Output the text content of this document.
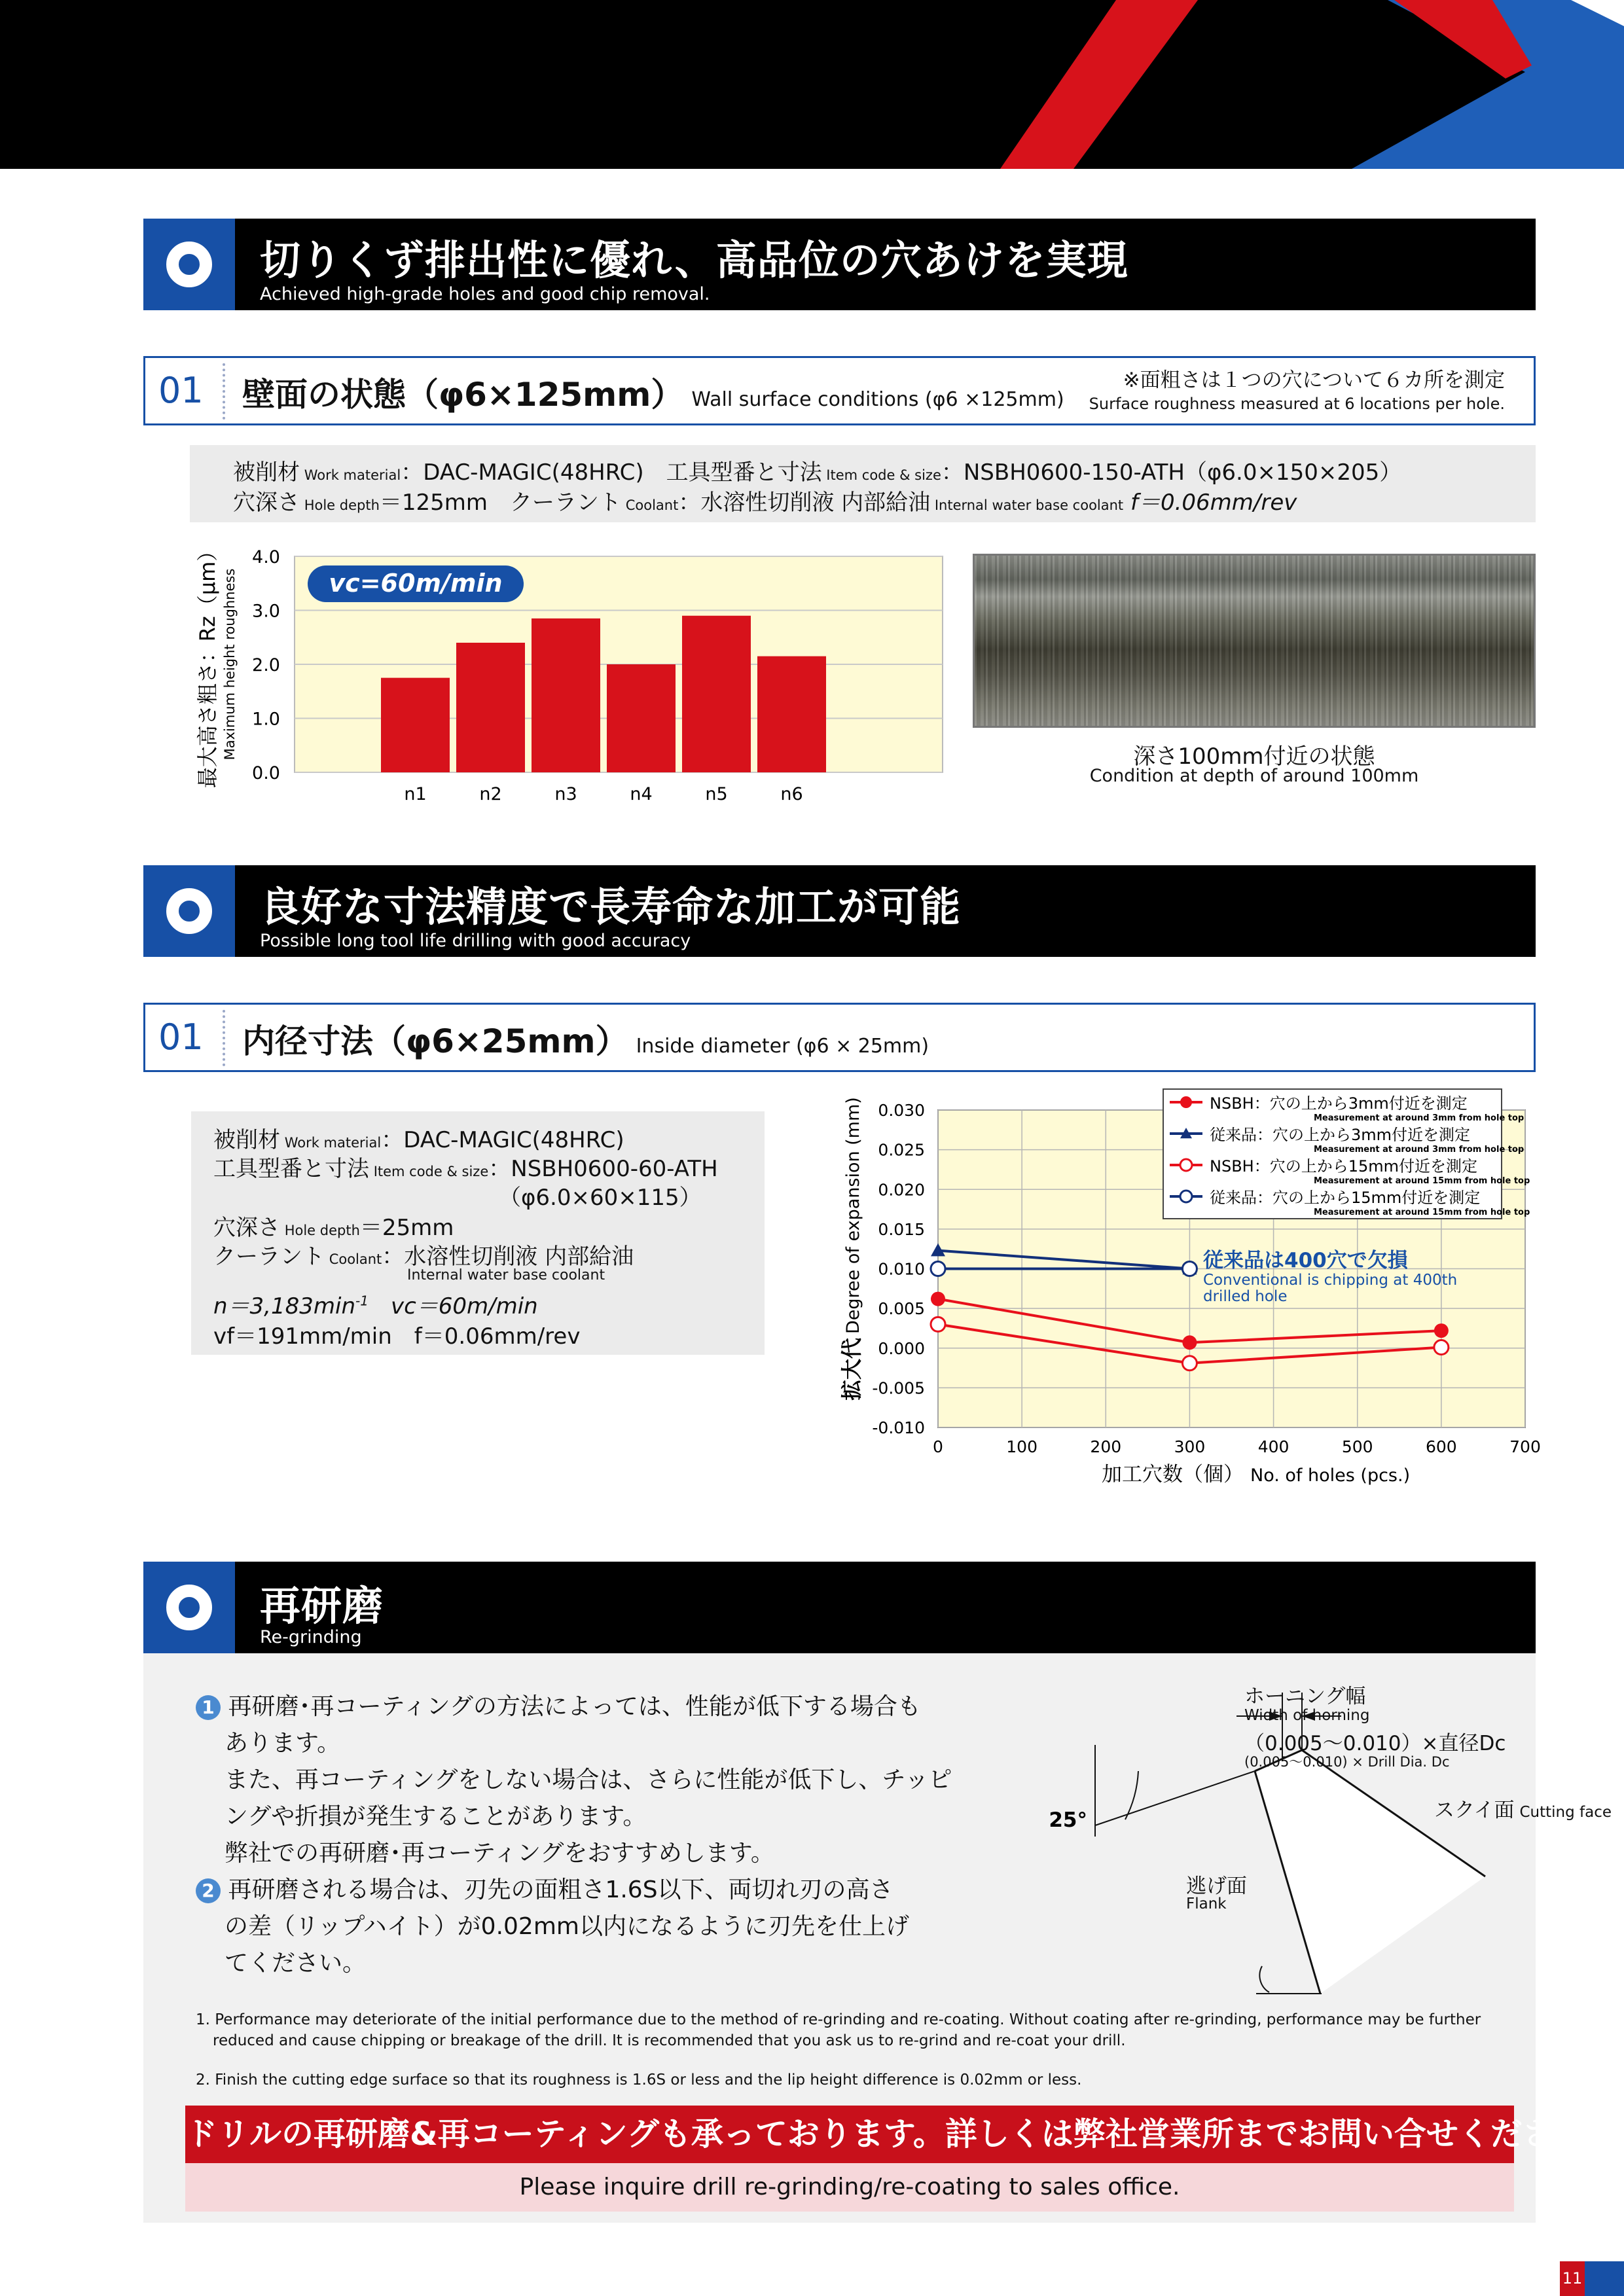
切りくず排出性に優れ、高品位の穴あけを実現
Achieved high-grade holes and good chip removal.
01 壁面の状態（φ6×125mm） Wall surface conditions (φ6 ×125mm)
※面粗さは１つの穴について６カ所を測定
Surface roughness measured at 6 locations per hole.
被削材 Work material：DAC-MAGIC(48HRC)　工具型番と寸法 Item code & size：NSBH0600-150-ATH（φ6.0×150×205）
穴深さ Hole depth＝125mm　クーラント Coolant：水溶性切削液 内部給油 Internal water base coolant f＝0.06mm/rev
0.0
1.0
2.0
3.0
4.0
n1	n2	n3	n4	n5	n6
vc=60m/min
最大高さ粗さ：Rz（μm） Maximum height roughness	深さ100mm付近の状態
Condition at depth of around 100mm
良好な寸法精度で長寿命な加工が可能
Possible long tool life drilling with good accuracy
01 内径寸法（φ6×25mm） Inside diameter (φ6 × 25mm)
被削材 Work material：DAC-MAGIC(48HRC)
工具型番と寸法 Item code & size：NSBH0600-60-ATH
（φ6.0×60×115）
穴深さ Hole depth＝25mm
クーラント Coolant：水溶性切削液 内部給油
Internal water base coolant
$n=3,183\min^{-1}$　 vc＝60m/min
vf＝191mm/min　f＝0.06mm/rev
0.030
0.025
0.020
0.015
0.010
0.005
0.000
-0.005
-0.010
0	100	200	300	400	500	600	700
従来品は400穴で欠損
Conventional is chipping at 400th
drilled hole
NSBH：穴の上から3mm付近を測定
Measurement at around 3mm from hole top
従来品：穴の上から3mm付近を測定
Measurement at around 3mm from hole top
NSBH：穴の上から15mm付近を測定
Measurement at around 15mm from hole top
従来品：穴の上から15mm付近を測定
Measurement at around 15mm from hole top
加工穴数（個） No. of holes (pcs.)
拡大代
Degree of expansion (mm)
再研磨
Re-grinding
1 再研磨･再コーティングの方法によっては、性能が低下する場合も
あります。
また、再コーティングをしない場合は、さらに性能が低下し、チッピ
ングや折損が発生することがあります。
弊社での再研磨･再コーティングをおすすめします。
2 再研磨される場合は、刃先の面粗さ1.6S以下、両切れ刃の高さ
の差（リップハイト）が0.02mm以内になるように刃先を仕上げ
てください。
25°
ホーニング幅
Width of horning
（0.005～0.010）×直径Dc
(0.005～0.010) × Drill Dia. Dc
スクイ面 Cutting face
逃げ面
Flank
1. Performance may deteriorate of the initial performance due to the method of re-grinding and re-coating. Without coating after re-grinding, performance may be further
reduced and cause chipping or breakage of the drill. It is recommended that you ask us to re-grind and re-coat your drill.
2. Finish the cutting edge surface so that its roughness is 1.6S or less and the lip height difference is 0.02mm or less.
ドリルの再研磨&再コーティングも承っております。詳しくは弊社営業所までお問い合せください。
Please inquire drill re-grinding/re-coating to sales office.
11
